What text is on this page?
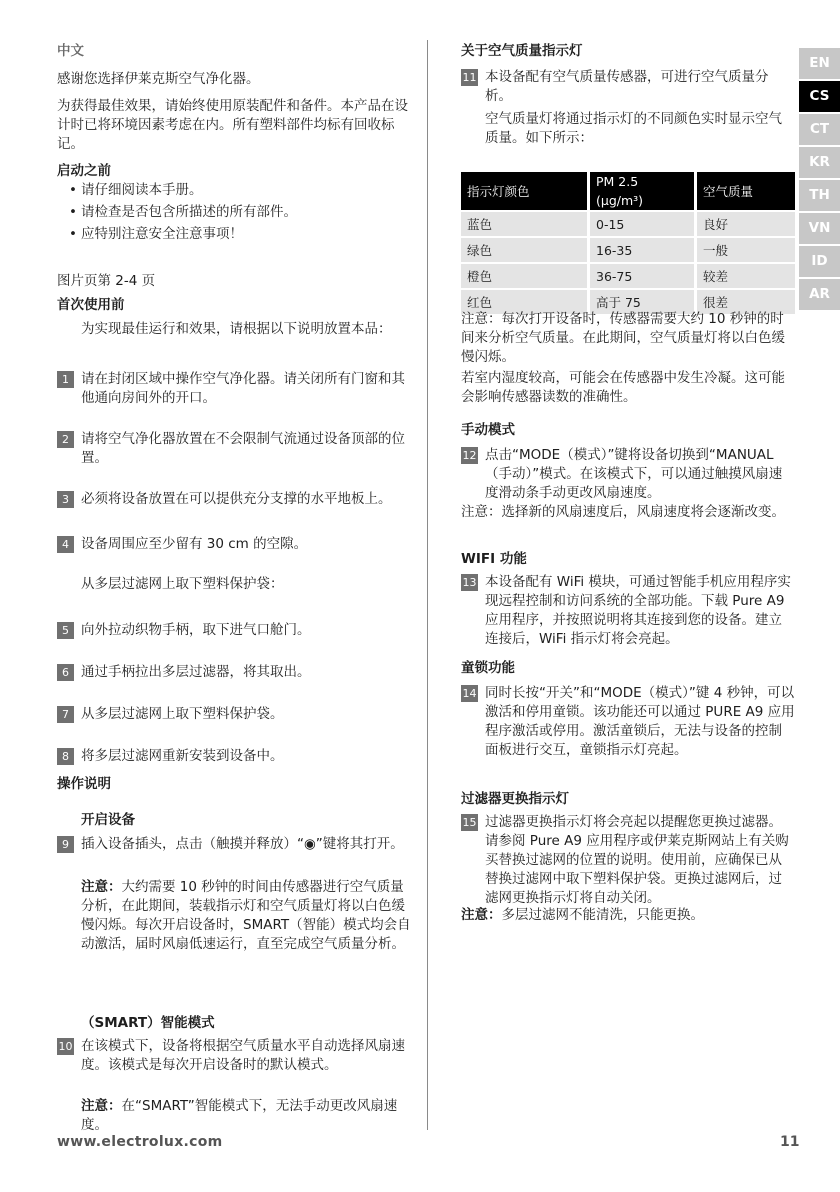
中文
感谢您选择伊莱克斯空气净化器。
为获得最佳效果，请始终使用原装配件和备件。本产品在设计时已将环境因素考虑在内。所有塑料部件均标有回收标记。
启动之前
• 请仔细阅读本手册。
• 请检查是否包含所描述的所有部件。
• 应特别注意安全注意事项！
图片页第 2-4 页
首次使用前
为实现最佳运行和效果，请根据以下说明放置本品：
1 请在封闭区域中操作空气净化器。请关闭所有门窗和其他通向房间外的开口。
2 请将空气净化器放置在不会限制气流通过设备顶部的位置。
3 必须将设备放置在可以提供充分支撑的水平地板上。
4 设备周围应至少留有 30 cm 的空隙。
从多层过滤网上取下塑料保护袋：
5 向外拉动织物手柄，取下进气口舱门。
6 通过手柄拉出多层过滤器，将其取出。
7 从多层过滤网上取下塑料保护袋。
8 将多层过滤网重新安装到设备中。
操作说明
开启设备
9 插入设备插头，点击（触摸并释放）“◉”键将其打开。
注意：大约需要 10 秒钟的时间由传感器进行空气质量分析，在此期间，装载指示灯和空气质量灯将以白色缓慢闪烁。每次开启设备时，SMART（智能）模式均会自动激活，届时风扇低速运行，直至完成空气质量分析。
（SMART）智能模式
10 在该模式下，设备将根据空气质量水平自动选择风扇速度。该模式是每次开启设备时的默认模式。
注意：在“SMART”智能模式下，无法手动更改风扇速度。
关于空气质量指示灯
11 本设备配有空气质量传感器，可进行空气质量分析。
空气质量灯将通过指示灯的不同颜色实时显示空气质量。如下所示：
指示灯颜色	PM 2.5 (µg/m³)	空气质量
蓝色	0-15	良好
绿色	16-35	一般
橙色	36-75	较差
红色	高于 75	很差
注意：每次打开设备时，传感器需要大约 10 秒钟的时间来分析空气质量。在此期间，空气质量灯将以白色缓慢闪烁。
若室内湿度较高，可能会在传感器中发生冷凝。这可能会影响传感器读数的准确性。
手动模式
12 点击“MODE（模式）”键将设备切换到“MANUAL（手动）”模式。在该模式下，可以通过触摸风扇速度滑动条手动更改风扇速度。
注意：选择新的风扇速度后，风扇速度将会逐渐改变。
WIFI 功能
13 本设备配有 WiFi 模块，可通过智能手机应用程序实现远程控制和访问系统的全部功能。下载 Pure A9 应用程序，并按照说明将其连接到您的设备。建立连接后，WiFi 指示灯将会亮起。
童锁功能
14 同时长按“开关”和“MODE（模式）”键 4 秒钟，可以激活和停用童锁。该功能还可以通过 PURE A9 应用程序激活或停用。激活童锁后，无法与设备的控制面板进行交互，童锁指示灯亮起。
过滤器更换指示灯
15 过滤器更换指示灯将会亮起以提醒您更换过滤器。请参阅 Pure A9 应用程序或伊莱克斯网站上有关购买替换过滤网的位置的说明。使用前，应确保已从替换过滤网中取下塑料保护袋。更换过滤网后，过滤网更换指示灯将自动关闭。
注意：多层过滤网不能清洗，只能更换。
EN
CS
CT
KR
TH
VN
ID
AR
www.electrolux.com	11
